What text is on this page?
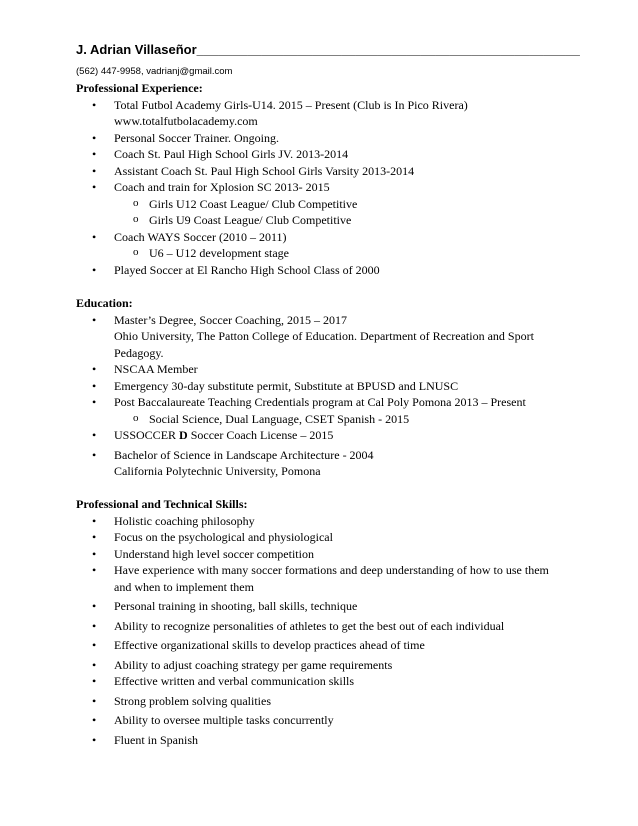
J. Adrian Villaseñor_____________________________________________________
(562) 447-9958, vadrianj@gmail.com
Professional Experience:
• Total Futbol Academy Girls-U14. 2015 – Present (Club is In Pico Rivera) www.totalfutbolacademy.com
• Personal Soccer Trainer. Ongoing.
• Coach St. Paul High School Girls JV. 2013-2014
• Assistant Coach St. Paul High School Girls Varsity 2013-2014
• Coach and train for Xplosion SC 2013- 2015
o Girls U12 Coast League/ Club Competitive
o Girls U9 Coast League/ Club Competitive
• Coach WAYS Soccer (2010 – 2011)
o U6 – U12 development stage
• Played Soccer at El Rancho High School Class of 2000
Education:
• Master’s Degree, Soccer Coaching, 2015 – 2017
Ohio University, The Patton College of Education. Department of Recreation and Sport Pedagogy.
• NSCAA Member
• Emergency 30-day substitute permit, Substitute at BPUSD and LNUSC
• Post Baccalaureate Teaching Credentials program at Cal Poly Pomona 2013 – Present
o Social Science, Dual Language, CSET Spanish - 2015
• USSOCCER D Soccer Coach License – 2015
• Bachelor of Science in Landscape Architecture - 2004
California Polytechnic University, Pomona
Professional and Technical Skills:
• Holistic coaching philosophy
• Focus on the psychological and physiological
• Understand high level soccer competition
• Have experience with many soccer formations and deep understanding of how to use them and when to implement them
• Personal training in shooting, ball skills, technique
• Ability to recognize personalities of athletes to get the best out of each individual
• Effective organizational skills to develop practices ahead of time
• Ability to adjust coaching strategy per game requirements
• Effective written and verbal communication skills
• Strong problem solving qualities
• Ability to oversee multiple tasks concurrently
• Fluent in Spanish
